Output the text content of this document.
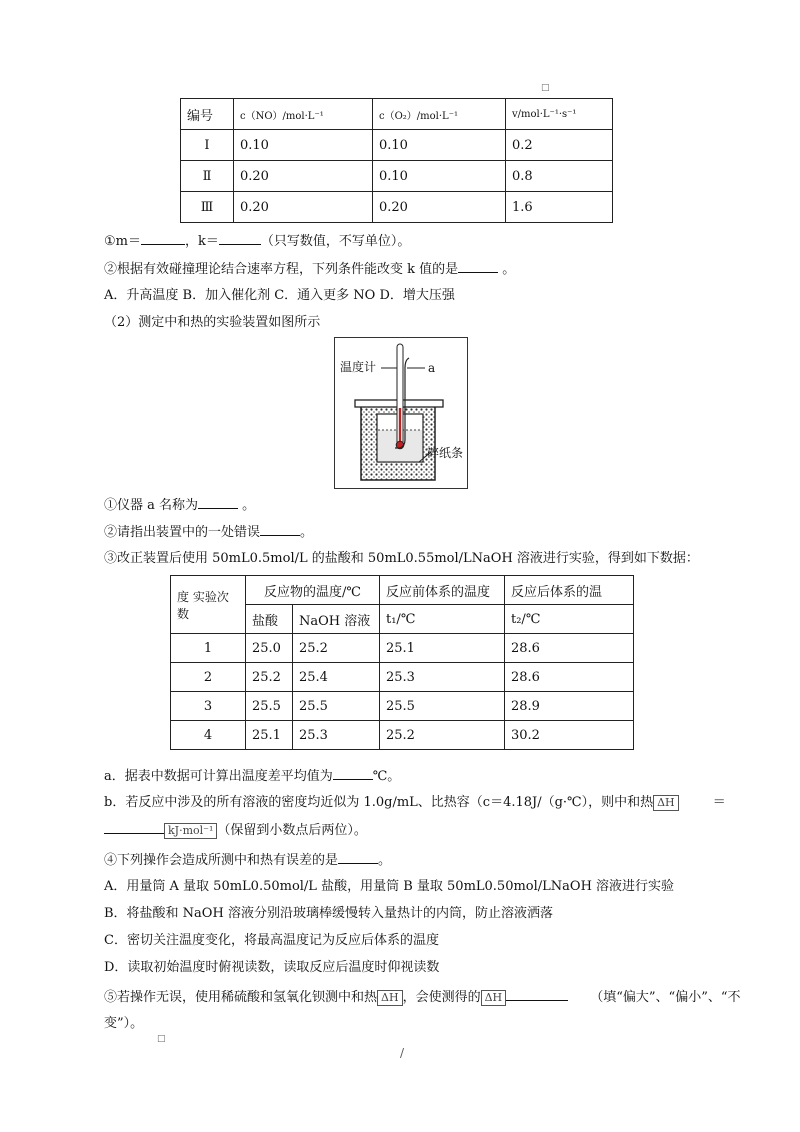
□
编号	c（NO）/mol·L⁻¹	c（O₂）/mol·L⁻¹	v/mol·L⁻¹·s⁻¹
Ⅰ	0.10	0.10	0.2
Ⅱ	0.20	0.10	0.8
Ⅲ	0.20	0.20	1.6
①m＝	，k＝	（只写数值，不写单位）。
②根据有效碰撞理论结合速率方程，下列条件能改变 k 值的是	。
A．升高温度 B．加入催化剂 C．通入更多 NO D．增大压强
（2）测定中和热的实验装置如图所示
温度计	a
碎纸条
①仪器 a 名称为	。
②请指出装置中的一处错误	。
③改正装置后使用 50mL0.5mol/L 的盐酸和 50mL0.55mol/LNaOH 溶液进行实验，得到如下数据：
度 实验次数	反应物的温度/℃		反应前体系的温度	反应后体系的温
	盐酸	NaOH 溶液	t₁/℃	t₂/℃
1	25.0	25.2	25.1	28.6
2	25.2	25.4	25.3	28.6
3	25.5	25.5	25.5	28.9
4	25.1	25.3	25.2	30.2
a．据表中数据可计算出温度差平均值为	℃。
b．若反应中涉及的所有溶液的密度均近似为 1.0g/mL、比热容（c＝4.18J/（g·℃），则中和热 ΔH	＝
kJ·mol⁻¹ （保留到小数点后两位）。
④下列操作会造成所测中和热有误差的是	。
A．用量筒 A 量取 50mL0.50mol/L 盐酸，用量筒 B 量取 50mL0.50mol/LNaOH 溶液进行实验
B．将盐酸和 NaOH 溶液分别沿玻璃棒缓慢转入量热计的内筒，防止溶液洒落
C．密切关注温度变化，将最高温度记为反应后体系的温度
D．读取初始温度时俯视读数，读取反应后温度时仰视读数
⑤若操作无误，使用稀硫酸和氢氧化钡测中和热 ΔH ，会使测得的 ΔH	（填“偏大”、“偏小”、“不
变”）。
□
/
